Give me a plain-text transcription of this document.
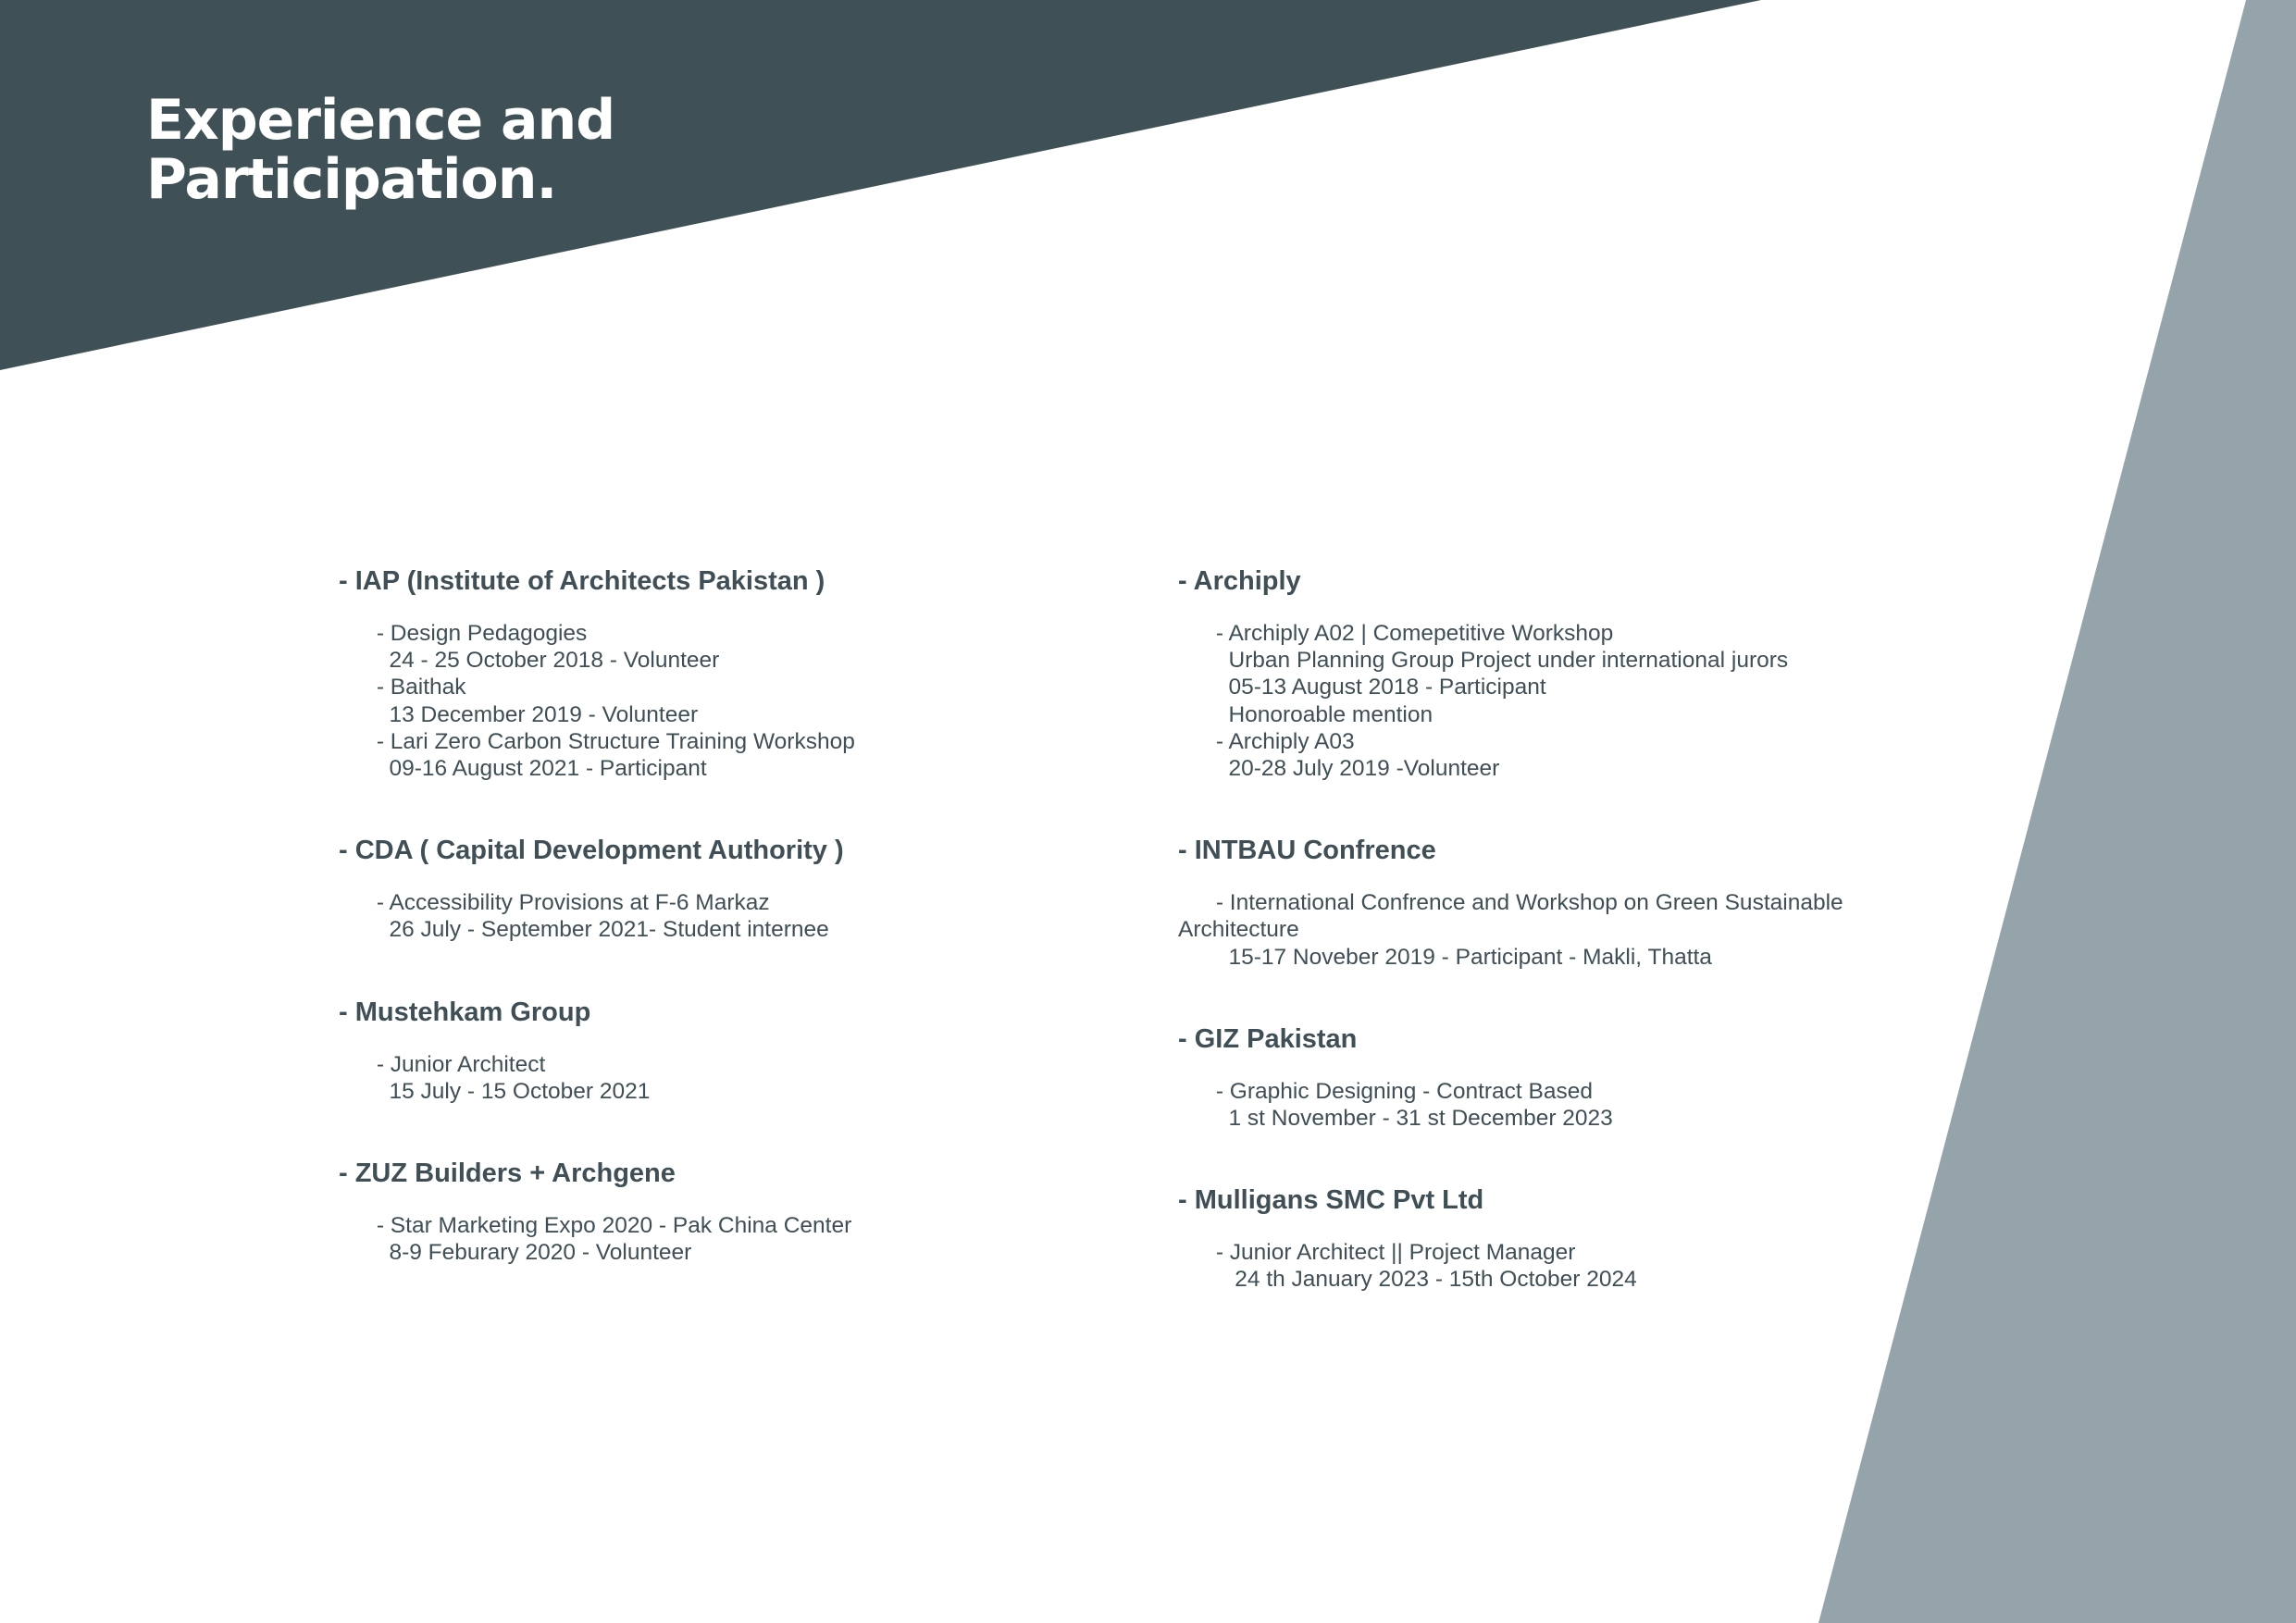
Experience and
Participation.
- IAP (Institute of Architects Pakistan )
- Design Pedagogies
24 - 25 October 2018 - Volunteer
- Baithak
13 December 2019 - Volunteer
- Lari Zero Carbon Structure Training Workshop
09-16 August 2021 - Participant
- CDA ( Capital Development Authority )
- Accessibility Provisions at F-6 Markaz
26 July - September 2021- Student internee
- Mustehkam Group
- Junior Architect
15 July - 15 October 2021
- ZUZ Builders + Archgene
- Star Marketing Expo 2020 - Pak China Center
8-9 Feburary 2020 - Volunteer
- Archiply
- Archiply A02 | Comepetitive Workshop
Urban Planning Group Project under international jurors
05-13 August 2018 - Participant
Honoroable mention
- Archiply A03
20-28 July 2019 -Volunteer
- INTBAU Confrence
- International Confrence and Workshop on Green Sustainable
Architecture
15-17 Noveber 2019 - Participant - Makli, Thatta
- GIZ Pakistan
- Graphic Designing - Contract Based
1 st November - 31 st December 2023
- Mulligans SMC Pvt Ltd
- Junior Architect || Project Manager
24 th January 2023 - 15th October 2024
